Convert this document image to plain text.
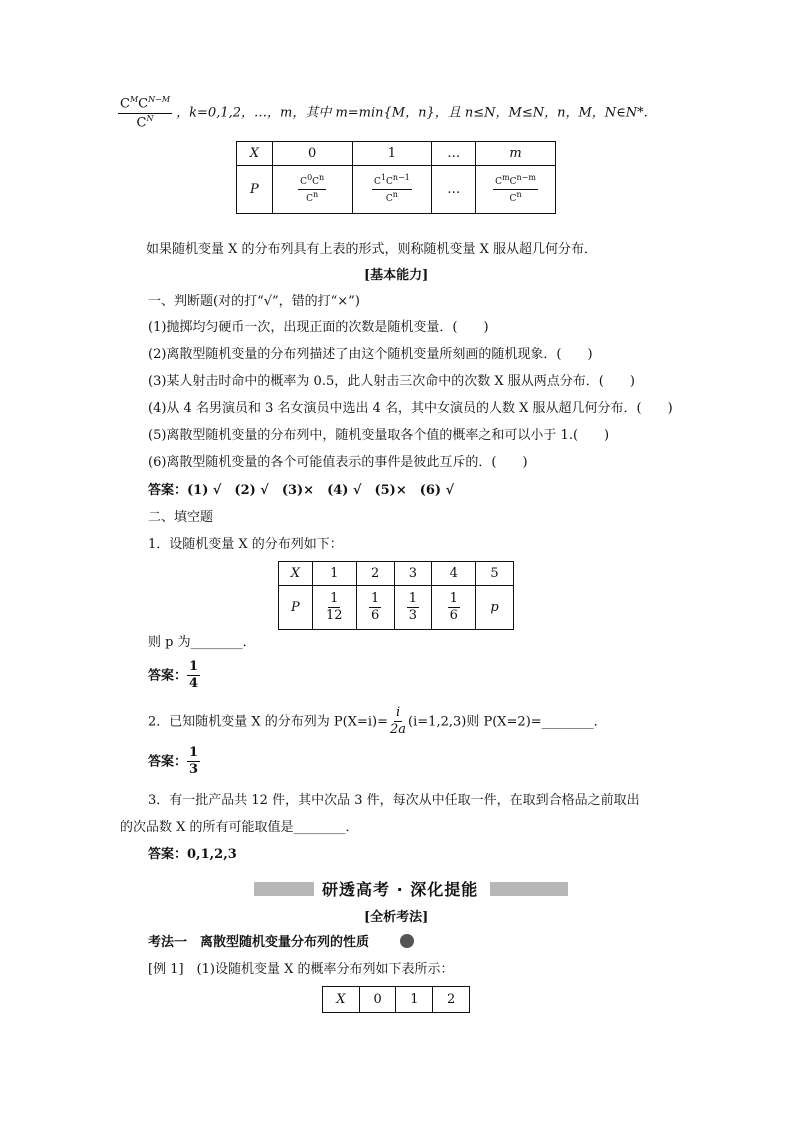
$\frac{C^MC^{N-M}}{C^N}$ ，k=0,1,2，…，m，其中 m=min{M，n}，且 n≤N，M≤N，n，M，N∈N*.
X	0	1	…	m
P	$\frac{C^0C^n}{C^n}$	$\frac{C^1C^{n-1}}{C^n}$	…	$\frac{C^mC^{n-m}}{C^n}$
如果随机变量 X 的分布列具有上表的形式，则称随机变量 X 服从超几何分布．
[基本能力]
一、判断题(对的打“√”，错的打“×”)
(1)抛掷均匀硬币一次，出现正面的次数是随机变量．(　　)
(2)离散型随机变量的分布列描述了由这个随机变量所刻画的随机现象．(　　)
(3)某人射击时命中的概率为 0.5，此人射击三次命中的次数 X 服从两点分布．(　　)
(4)从 4 名男演员和 3 名女演员中选出 4 名，其中女演员的人数 X 服从超几何分布．(　　)
(5)离散型随机变量的分布列中，随机变量取各个值的概率之和可以小于 1.(　　)
(6)离散型随机变量的各个可能值表示的事件是彼此互斥的．(　　)
答案：(1) √　(2) √　(3)×　(4) √　(5)×　(6) √
二、填空题
1．设随机变量 X 的分布列如下：
X	1	2	3	4	5
P	$\frac{1}{12}$	$\frac{1}{6}$	$\frac{1}{3}$	$\frac{1}{6}$	p
则 p 为________．
答案： $\frac{1}{4}$
2．已知随机变量 X 的分布列为 $P(X=i)= \frac{i}{2a} (i=1,2,3)$则 P(X=2)=________．
答案： $\frac{1}{3}$
3．有一批产品共 12 件，其中次品 3 件，每次从中任取一件，在取到合格品之前取出
的次品数 X 的所有可能取值是________．
答案：0,1,2,3
研透高考 · 深化提能
[全析考法]
考法一　离散型随机变量分布列的性质
[例 1]　(1)设随机变量 X 的概率分布列如下表所示：
X	0	1	2
